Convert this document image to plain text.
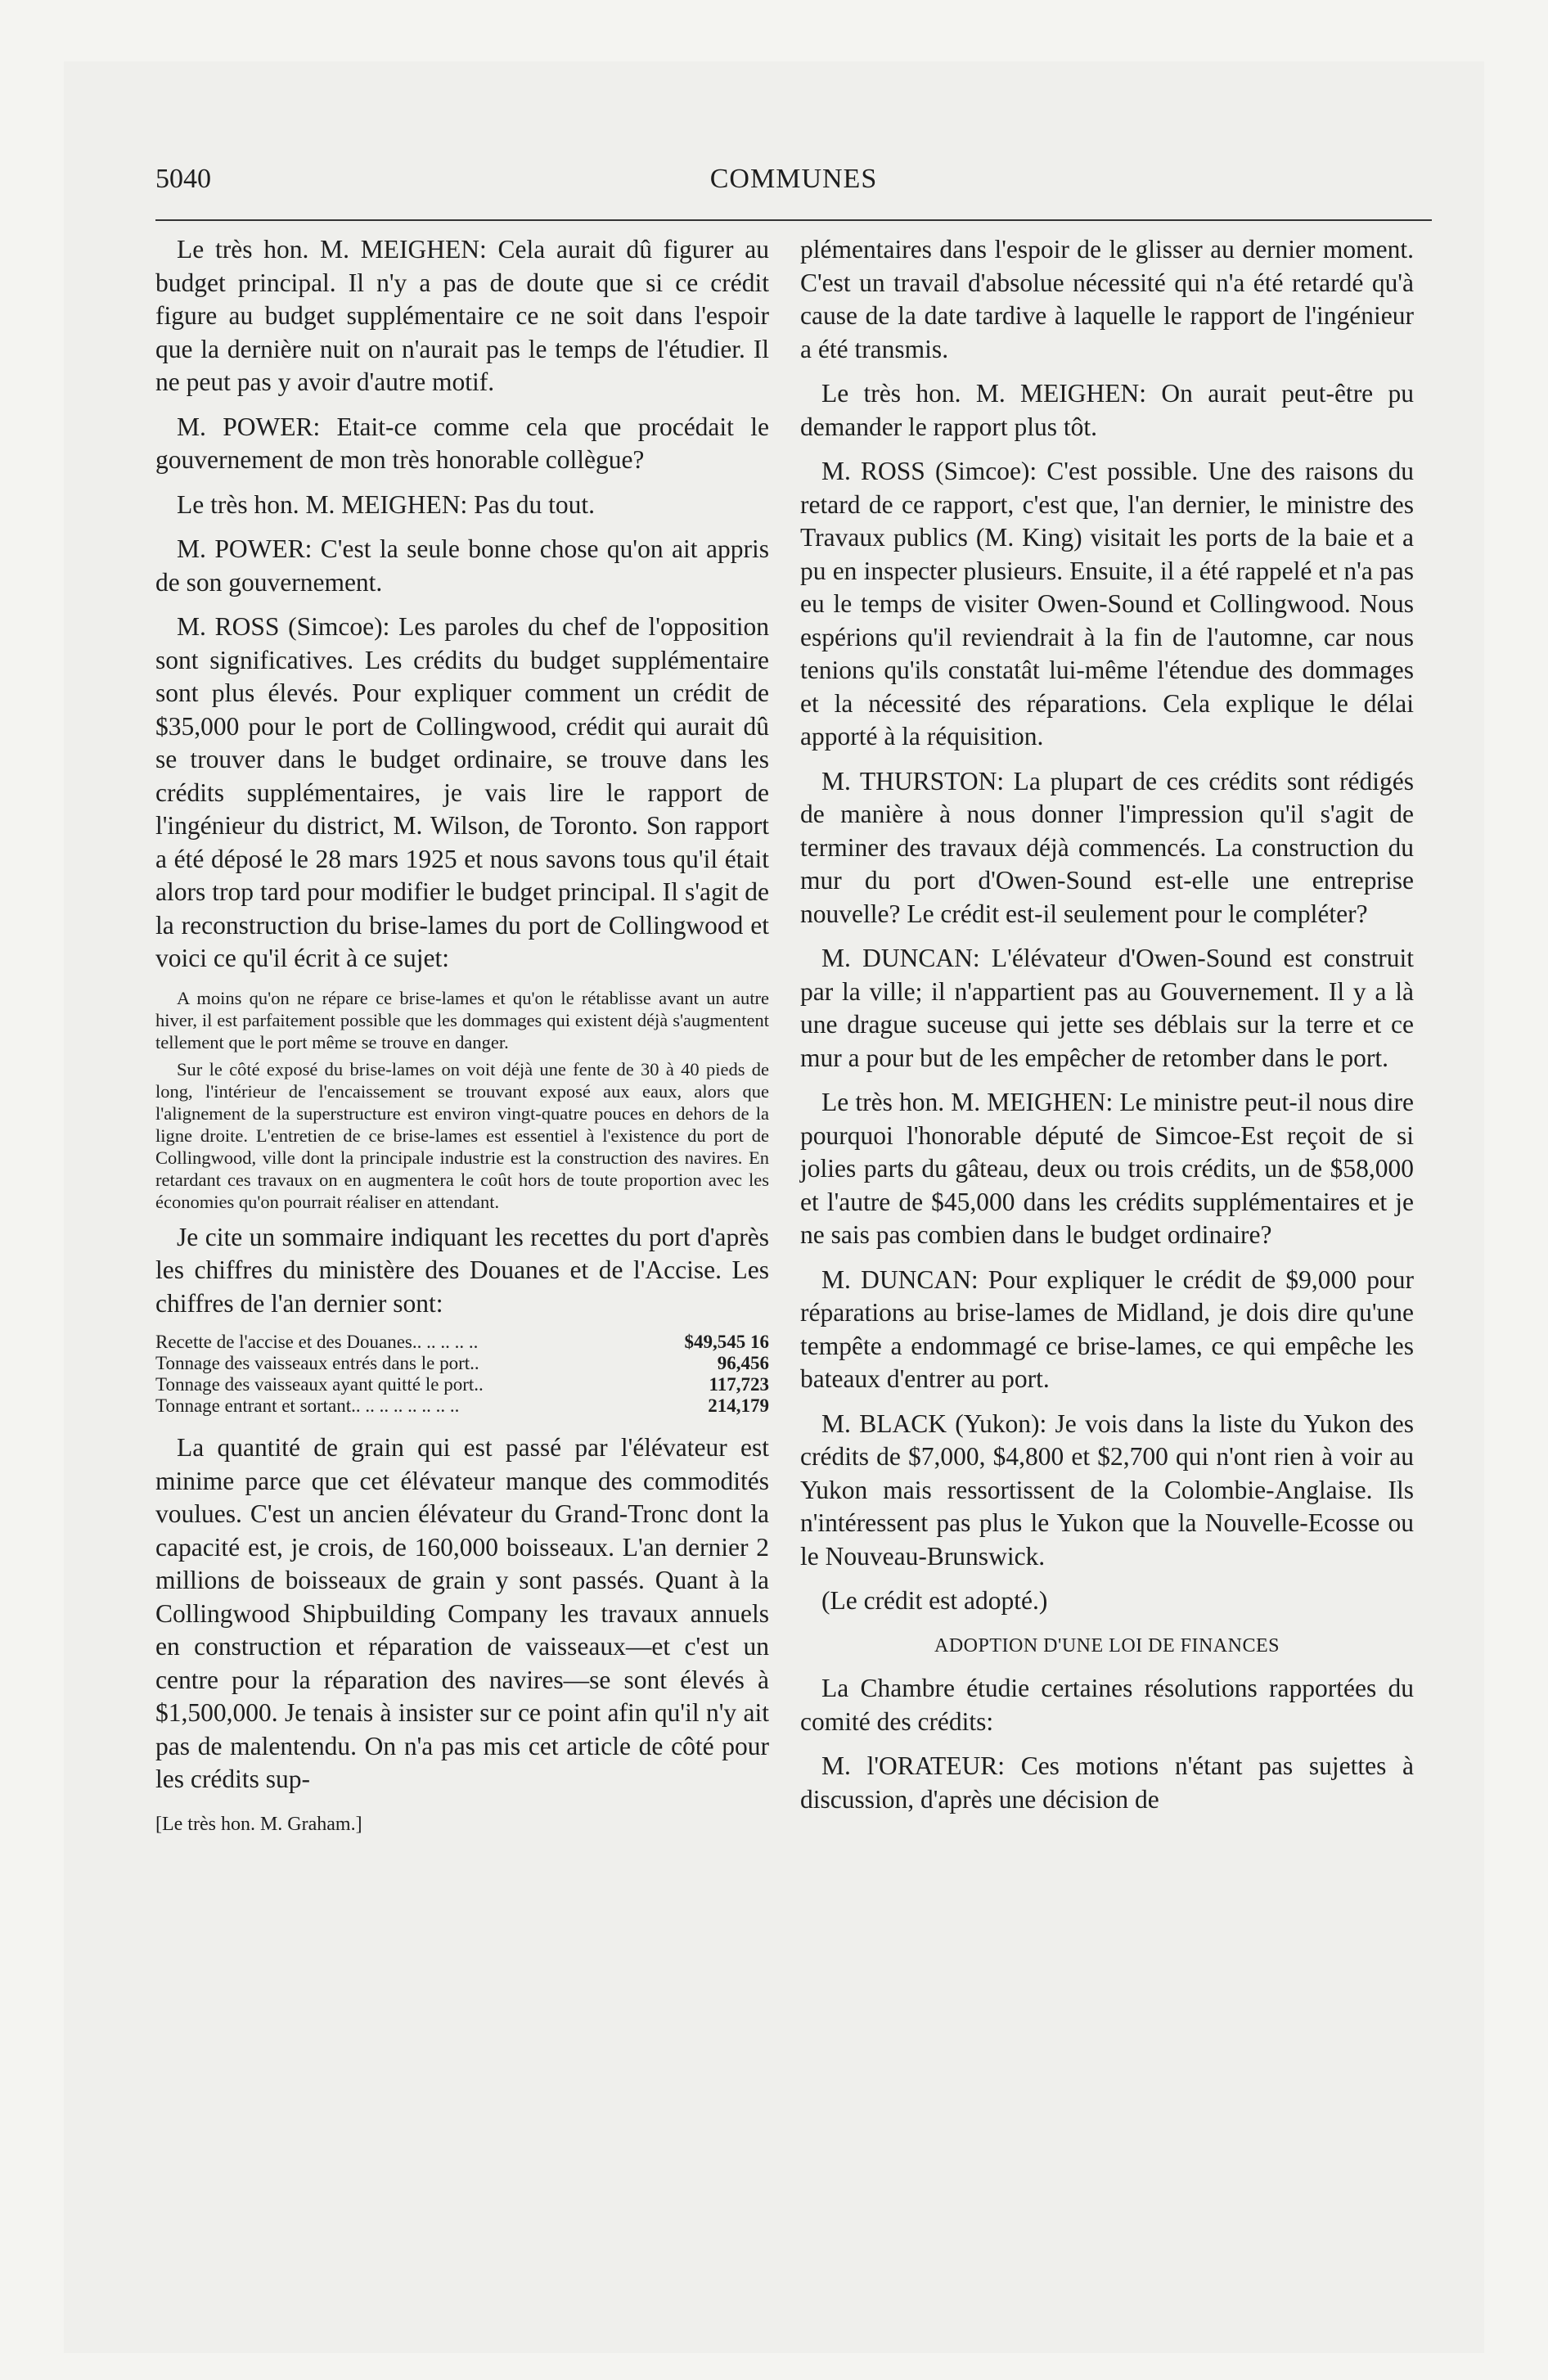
5040	COMMUNES

Le très hon. M. MEIGHEN: Cela aurait dû figurer au budget principal. Il n'y a pas de doute que si ce crédit figure au budget supplémentaire ce ne soit dans l'espoir que la dernière nuit on n'aurait pas le temps de l'étudier. Il ne peut pas y avoir d'autre motif.

M. POWER: Etait-ce comme cela que procédait le gouvernement de mon très honorable collègue?

Le très hon. M. MEIGHEN: Pas du tout.

M. POWER: C'est la seule bonne chose qu'on ait appris de son gouvernement.

M. ROSS (Simcoe): Les paroles du chef de l'opposition sont significatives. Les crédits du budget supplémentaire sont plus élevés. Pour expliquer comment un crédit de $35,000 pour le port de Collingwood, crédit qui aurait dû se trouver dans le budget ordinaire, se trouve dans les crédits supplémentaires, je vais lire le rapport de l'ingénieur du district, M. Wilson, de Toronto. Son rapport a été déposé le 28 mars 1925 et nous savons tous qu'il était alors trop tard pour modifier le budget principal. Il s'agit de la reconstruction du brise-lames du port de Collingwood et voici ce qu'il écrit à ce sujet:

A moins qu'on ne répare ce brise-lames et qu'on le rétablisse avant un autre hiver, il est parfaitement possible que les dommages qui existent déjà s'augmentent tellement que le port même se trouve en danger.

Sur le côté exposé du brise-lames on voit déjà une fente de 30 à 40 pieds de long, l'intérieur de l'encaissement se trouvant exposé aux eaux, alors que l'alignement de la superstructure est environ vingt-quatre pouces en dehors de la ligne droite. L'entretien de ce brise-lames est essentiel à l'existence du port de Collingwood, ville dont la principale industrie est la construction des navires. En retardant ces travaux on en augmentera le coût hors de toute proportion avec les économies qu'on pourrait réaliser en attendant.

Je cite un sommaire indiquant les recettes du port d'après les chiffres du ministère des Douanes et de l'Accise. Les chiffres de l'an dernier sont:

Recette de l'accise et des Douanes.. .. .. .. ..	$49,545 16
Tonnage des vaisseaux entrés dans le port..	96,456
Tonnage des vaisseaux ayant quitté le port..	117,723
Tonnage entrant et sortant.. .. .. .. .. .. .. ..	214,179

La quantité de grain qui est passé par l'élévateur est minime parce que cet élévateur manque des commodités voulues. C'est un ancien élévateur du Grand-Tronc dont la capacité est, je crois, de 160,000 boisseaux. L'an dernier 2 millions de boisseaux de grain y sont passés. Quant à la Collingwood Shipbuilding Company les travaux annuels en construction et réparation de vaisseaux—et c'est un centre pour la réparation des navires—se sont élevés à $1,500,000. Je tenais à insister sur ce point afin qu'il n'y ait pas de malentendu. On n'a pas mis cet article de côté pour les crédits sup-

[Le très hon. M. Graham.]

plémentaires dans l'espoir de le glisser au dernier moment. C'est un travail d'absolue nécessité qui n'a été retardé qu'à cause de la date tardive à laquelle le rapport de l'ingénieur a été transmis.

Le très hon. M. MEIGHEN: On aurait peut-être pu demander le rapport plus tôt.

M. ROSS (Simcoe): C'est possible. Une des raisons du retard de ce rapport, c'est que, l'an dernier, le ministre des Travaux publics (M. King) visitait les ports de la baie et a pu en inspecter plusieurs. Ensuite, il a été rappelé et n'a pas eu le temps de visiter Owen-Sound et Collingwood. Nous espérions qu'il reviendrait à la fin de l'automne, car nous tenions qu'ils constatât lui-même l'étendue des dommages et la nécessité des réparations. Cela explique le délai apporté à la réquisition.

M. THURSTON: La plupart de ces crédits sont rédigés de manière à nous donner l'impression qu'il s'agit de terminer des travaux déjà commencés. La construction du mur du port d'Owen-Sound est-elle une entreprise nouvelle? Le crédit est-il seulement pour le compléter?

M. DUNCAN: L'élévateur d'Owen-Sound est construit par la ville; il n'appartient pas au Gouvernement. Il y a là une drague suceuse qui jette ses déblais sur la terre et ce mur a pour but de les empêcher de retomber dans le port.

Le très hon. M. MEIGHEN: Le ministre peut-il nous dire pourquoi l'honorable député de Simcoe-Est reçoit de si jolies parts du gâteau, deux ou trois crédits, un de $58,000 et l'autre de $45,000 dans les crédits supplémentaires et je ne sais pas combien dans le budget ordinaire?

M. DUNCAN: Pour expliquer le crédit de $9,000 pour réparations au brise-lames de Midland, je dois dire qu'une tempête a endommagé ce brise-lames, ce qui empêche les bateaux d'entrer au port.

M. BLACK (Yukon): Je vois dans la liste du Yukon des crédits de $7,000, $4,800 et $2,700 qui n'ont rien à voir au Yukon mais ressortissent de la Colombie-Anglaise. Ils n'intéressent pas plus le Yukon que la Nouvelle-Ecosse ou le Nouveau-Brunswick.

(Le crédit est adopté.)

ADOPTION D'UNE LOI DE FINANCES

La Chambre étudie certaines résolutions rapportées du comité des crédits:

M. l'ORATEUR: Ces motions n'étant pas sujettes à discussion, d'après une décision de
